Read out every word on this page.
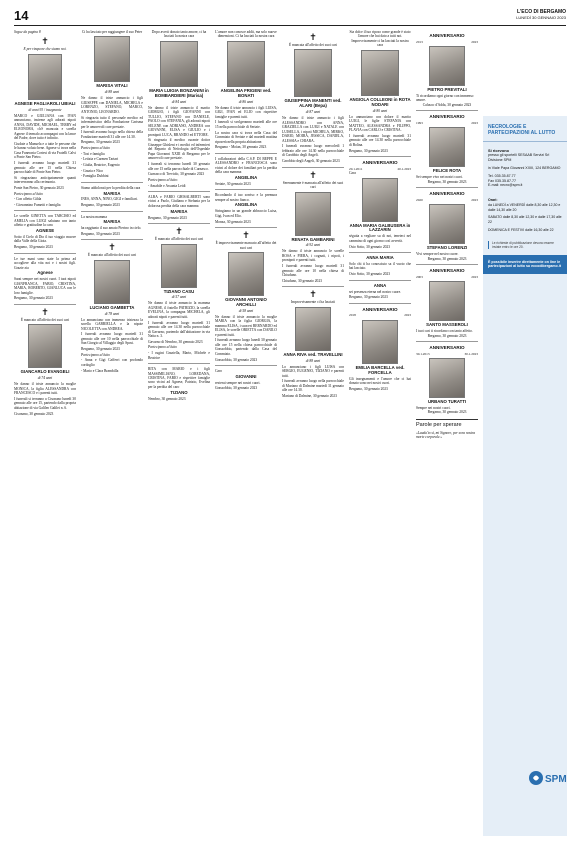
14	L'ECO DI BERGAMO
LUNEDÌ 30 GENNAIO 2023
Segue da pagina 8
✝
E per rinquore che siamo noi.
AGNESE PAGLIAROLI UBIALI
di anni 93 / insegnante

MARCO e GIULIANA con IVAN annunciano, insieme agli adorati nipoti ANNA, DAVIDE, MICHAEL, TERRY ed ELEONORA, ch'è mancata e sorella Agnese il termalo accompagni con la lance del Padre, dove tutto è infinito.

Ciudate a Manuela e a tutte le persone che le hanno voluto bene. Agnese si trova nella Casa Funeraria Cortesi di via Fratelli Calvi a Ponte San Pietro.

I funerali avranno luogo martedì 31 gennaio alle ore 15 nella Chiesa parrocchiale di Ponte San Pietro.

Si ringraziano anticipatamente quanti interverranno alla cerimonia.

Ponte San Pietro, 30 gennaio 2023

Partecipano al lutto

- Con affetto Gilda

- Giovannino Fumetti e famiglia

Le sorelle GINETTA con TARCISIO ed AMELIA con LUIGI salutano con tanto affetto e gratitudine la cara

AGNESE

Sotto il Cielo di Dio il tuo viaggio muove dalla Valle della Gioia.

Bergamo, 30 gennaio 2023

Le tue mani sono state la prima ad accogliere alla vita noi e i nostri figli. Grazie zia

Agnese

Sarai sempre nei nostri cuori. I tuoi nipoti GIANFRANCA, FABIO, CRISTINA, MARIA, ROBERTO, GIANLUCA con le loro famiglie.

Bergamo, 30 gennaio 2023

✝

È mancato all'affetto dei suoi cari

GIANCARLO EVANGELI
di 74 anni

Ne danno il triste annuncio la moglie MONICA, la figlia ALESSANDRA con FRANCESCO e i parenti tutti.

I funerali si terranno a Cisonano lunedì 30 gennaio alle ore 15, partendo dalla propria abitazione di via Galileo Galilei n. 6.

Cisonano, 30 gennaio 2023

Ci ha lasciato per raggiungere il suo Peter

MARISA VITALI
di 88 anni

Ne danno il triste annuncio i figli GIUSEPPE con DANIELA, MICHELA e LORENZO, STEFANO, MARCO, ANTONIO, LEONARDO.

Si ringrazia tutto il personale medico ed infermieristico della Fondazione Carisma per le amorevoli cure prestate.

I funerali avranno luogo nella chiesa della Fondazione martedì 31 alle ore 14.30.

Bergamo, 30 gennaio 2023

Partecipano al lutto

- Tosi e famiglia

- Letizia e Carmen Tartari

- Giulia, Beatrice, Eugenio

- Grazia e Nico

- Famiglia Dubbini

Siamo addolorati per la perdita della cara

MARISA

INES, ANNA, NINO, GIGI e familiari.

Bergamo, 30 gennaio 2023

La nostra mamma

MARISA

ha raggiunto il suo amato Pierino in cielo.

Bergamo, 30 gennaio 2023

✝

È mancato all'affetto dei suoi cari

LUCIANO GAMBETTA
di 78 anni

Lo annunciano con immenso tristezza la sorella GABRIELLA e la nipote NICOLETTA con ANDREA.

I funerali avranno luogo martedì 31 gennaio alle ore 10 nella parrocchiale di San Giorgio al Villaggio degli Sposi.

Bergamo, 30 gennaio 2023

Partecipano al lutto

- Anna e Gigi Cafferri con profondo cordoglio

- Mario e Clara Brambilla

Dopo averti donato tanto amore, ci ha lasciati la nostra cara

MARIA LUIGIA BONZANINI in BOMBARDIERI (Marisa)
di 84 anni

Ne danno il triste annuncio il marito GIORGIO, i figli GIOVANNI con TULLIO, STEFANO con DANIELE, PAOLO con STEFANIA, gli adorati nipoti SELENE con ADRIANO, ANDREA con GIOVANNI, ELISA e GIULIO e i pronipoti LUCA, BRANDO ed ETTORE.

Si ringrazia il medico curante dottor Giuseppe Ghisleni e i medici ed infermieri del Reparto di Nefrologia dell'Ospedale Papa Giovanni XXIII di Bergamo per le amorevoli cure prestate.

I funerali si terranno lunedì 30 gennaio alle ore 15 nella parrocchiale di Curnasco.

Curnasco di Treviolo, 30 gennaio 2023

Partecipano al lutto:

- Amabile e Assunta Leidi

ALBA e FABIO GHISALBERTI sono vicini a Paolo, Giuliana e Stefania per la dolorosa perdita della cara mamma

MARISA

Bergamo, 30 gennaio 2023

✝

È mancato all'affetto dei suoi cari

TIZIANO CASU
di 57 anni

Ne danno il triste annuncio la mamma AGNESE, il fratello PATRIZIO, la sorella EVELINA, la compagna MICHELA, gli adorati nipoti e parenti tutti.

I funerali avranno luogo martedì 31 gennaio alle ore 14.30 nella parrocchiale di Gavarno, partendo dall'abitazione in via Natta n. 3.

Gavarno di Nembro, 30 gennaio 2023

Partecipano al lutto

- I cugini Graziella, Mario, Michele e Beatrice

RITA con MARIO e i figli MASSIMILIANO, LOREDANA, CRISTINA, FABIO e rispettive famiglie sono vicini ad Agnese, Patrizio, Evelina per la perdita del caro

TIZIANO

Nembro, 30 gennaio 2023

L'amore non conosce addii, ma solo nuove dimensioni. Ci ha lasciati la nostra cara

ANGELINA FRIGENI ved. BONATI
di 86 anni

Ne danno il triste annuncio i figli LUISA, GIGI, IVAN ed ELIO con rispettive famiglie e parenti tutti.

I funerali si svolgeranno martedì alle ore 15 nella parrocchiale di Seriate.

La nostra cara si trova nella Casa del Commiato di Seriate e dal martedì mattina riposerà nella propria abitazione.

Bergamo - Moïan, 30 gennaio 2023

I collaboratori della C.S.P. DI BEPPE E ALESSANDRO e FRANCESCA sono vicini al dolore dei familiari per la perdita della cara mamma

ANGELINA

Seriate, 30 gennaio 2023

Ricordando il tuo sorriso e la premura sempre al nostro fianco.

ANGELINA

Stringiamo in un grande abbraccio Luisa, Gigi, Ivan ed Elio.

Monza, 30 gennaio 2023

✝

È improvvisamente mancato all'affetto dei suoi cari

GIOVANNI ANTONIO ARCHILLI
di 58 anni

Ne danno il triste annuncio la moglie MARIA con la figlia GIORGIA, la mamma ELISA, i suoceri BERNARDO ed ELISA, le sorelle ORIETTA con DANILO e parenti tutti.

I funerali avranno luogo lunedì 30 gennaio alle ore 15 nella chiesa parrocchiale di Grassobbio, partendo dalla Casa del Commiato.

Grassobbio, 30 gennaio 2023

Caro

GIOVANNI

resterai sempre nei nostri cuori.

Grassobbio, 30 gennaio 2023

✝

È mancata all'affetto dei suoi cari

GIUSEPPINA MANENTI ved. ALARI (Bepa)
di 87 anni

Ne danno il triste annuncio i figli ALESSANDRO con ANNA, GRAZIELLA con LUIGI e NATALE con LUISELLA, i nipoti MICHELA, MIRKO, DARIO, MOIRA, JESSICA, DANIELA, ALESSIA e CHIARA.

I funerali avranno luogo mercoledì 1 febbraio alle ore 14.30 nella parrocchiale di Carobbio degli Angeli.

Carobbio degli Angeli, 30 gennaio 2023

✝

Serenamente è mancata all'affetto dei suoi cari

RENATA GAMBARINI
di 92 anni

Ne danno il triste annuncio le sorelle ROSA e PIERA, i cognati, i nipoti, i pronipoti e parenti tutti.

I funerali avranno luogo martedì 31 gennaio alle ore 10 nella chiesa di Chiuduno.

Chiuduno, 30 gennaio 2023

✝

Improvvisamente ci ha lasciati

ANNA RIVA ved. TRAVELLINI
di 88 anni

Lo annunciano i figli LUISA con SERGIO, EUGENIO, TIZIANO e parenti tutti.

I funerali avranno luogo nella parrocchiale di Mariano di Dalmine martedì 31 gennaio alle ore 14.30.

Mariano di Dalmine, 30 gennaio 2023

Sia dolce il tuo riposo come grande è stato l'amore che hai dato a tutti noi. Improvvisamente ci ha lasciati la nostra cara

ANGIOLA COLLEONI in ROTA NODARI
di 80 anni

Lo annunciano con dolore il marito LUIGI, le figlie STEFANIA con MATTEO, ALESSANDRA e FILIPPO, FLAVIA con CARLO e CRISTINA.

I funerali avranno luogo martedì 31 gennaio alle ore 14.30 nella parrocchiale di Bolina.

Bergamo, 30 gennaio 2023

ANNIVERSARIO
20.1.2011	20.1.2023

Cara

ANNA MARIA GALBUSERA in LAZZARIN

sèguita a vegliare su di noi, teneteci nel cammino di ogni giorno così avvertà.

Osio Sotto, 30 gennaio 2023

ANNA MARIA

Solo chi ti ha conosciuto sa il vuoto che hai lasciato.

Osio Sotto, 30 gennaio 2023

ANNA

sei presenza eterna nel nostro cuore.

Bergamo, 30 gennaio 2023

ANNIVERSARIO
2018	2023
EMILIA BARCELLA ved. FORCELLA

Gli insegnamenti e l'amore che ci hai donato sono nei nostri cuori.

Bergamo, 30 gennaio 2023

ANNIVERSARIO
2013	2023
PIETRO PREVITALI

Ti ricordiamo ogni giorno con immenso amore.

Calusco d'Adda, 30 gennaio 2023

ANNIVERSARIO
1993	2023
FELICE ROTA

Sei sempre vivo nei nostri cuori.

Bergamo, 30 gennaio 2023

ANNIVERSARIO
2020	2023
STEFANO LORENZI

Vivi sempre nel nostro cuore.

Bergamo, 30 gennaio 2023

ANNIVERSARIO
2003	2023
SANTO MASSEROLI

I tuoi cari ti ricordano con tanto affetto.

Bergamo, 30 gennaio 2023

ANNIVERSARIO
30.1.2013	30.1.2023
URBANO TURATTI

Sempre nei nostri cuori.

Bergamo, 30 gennaio 2023

Parole per sperare

«Lauda'to sì, mi Signore, per sora nostra morte corporale.»

NECROLOGIE E PARTECIPAZIONI AL LUTTO
Si ricevono
presso gli sportelli SESAAB Servizi Srl Divisione SPM
in Viale Papa Giovanni XXIII, 124 BERGAMO
Tel. 035.35.87.77
Fax 035.35.87.77
E-mail: necro@spm.it
Orari:

da LUNEDÌ a VENERDÌ dalle 8,30 alle 12,30 e dalle 14,30 alle 20

SABATO dalle 8,30 alle 12,30 e dalle 17,30 alle 22

DOMENICA E FESTIVI dalle 16,30 alle 22

Le richieste di pubblicazione devono essere inviate entro le ore 20.
È possibile inserire direttamente on line le partecipazioni al lutto su eccodibergamo.it
SPM
